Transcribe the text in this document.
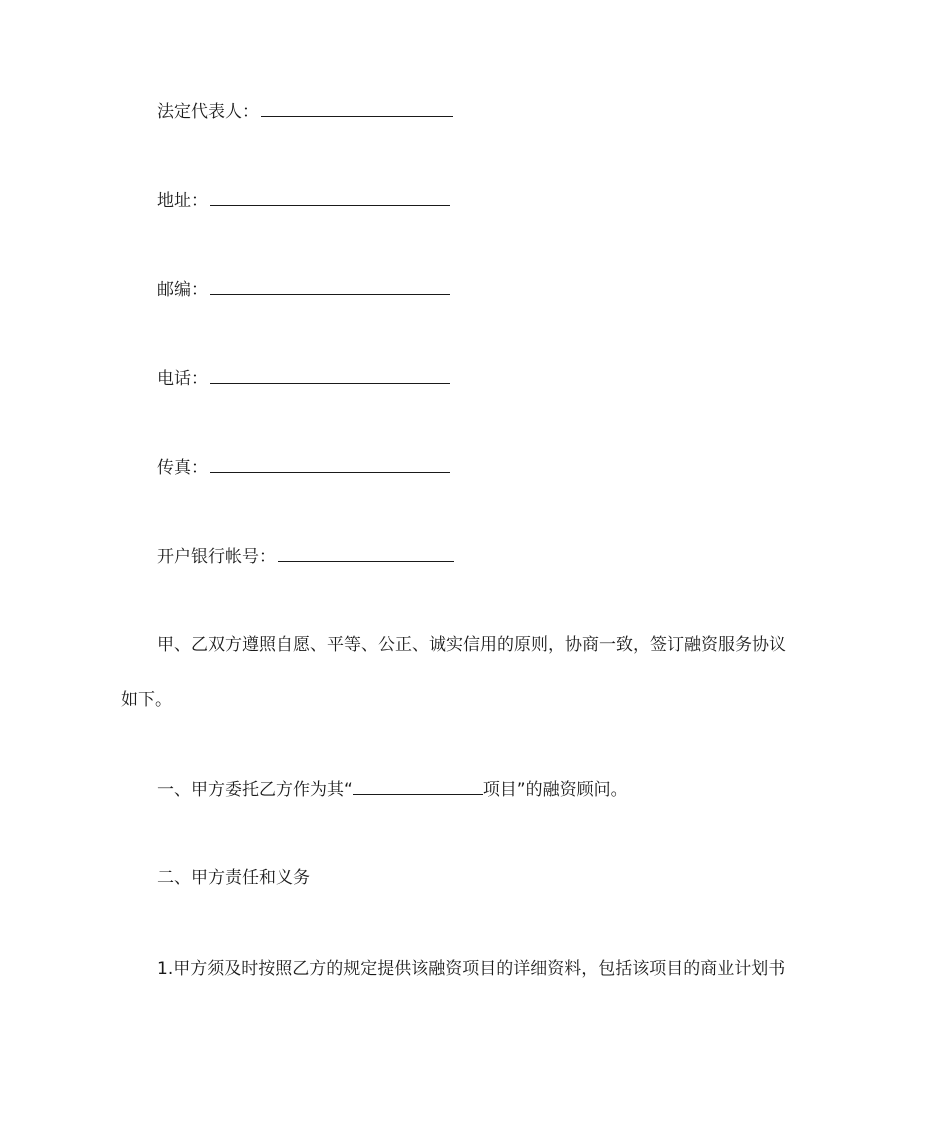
法定代表人：
地址：
邮编：
电话：
传真：
开户银行帐号：
甲、乙双方遵照自愿、平等、公正、诚实信用的原则，协商一致，签订融资服务协议
如下。
一、甲方委托乙方作为其“	项目”的融资顾问。
二、甲方责任和义务
1.甲方须及时按照乙方的规定提供该融资项目的详细资料，包括该项目的商业计划书
